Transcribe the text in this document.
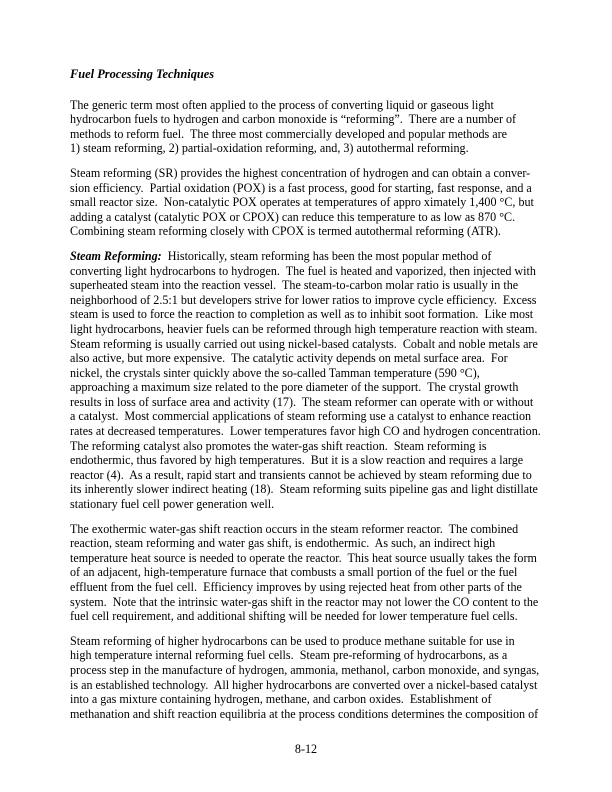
Fuel Processing Techniques

The generic term most often applied to the process of converting liquid or gaseous light
hydrocarbon fuels to hydrogen and carbon monoxide is “reforming”.  There are a number of
methods to reform fuel.  The three most commercially developed and popular methods are
1) steam reforming, 2) partial-oxidation reforming, and, 3) autothermal reforming.

Steam reforming (SR) provides the highest concentration of hydrogen and can obtain a conver-
sion efficiency.  Partial oxidation (POX) is a fast process, good for starting, fast response, and a
small reactor size.  Non-catalytic POX operates at temperatures of appro ximately 1,400 °C, but
adding a catalyst (catalytic POX or CPOX) can reduce this temperature to as low as 870 °C.
Combining steam reforming closely with CPOX is termed autothermal reforming (ATR).

Steam Reforming:  Historically, steam reforming has been the most popular method of
converting light hydrocarbons to hydrogen.  The fuel is heated and vaporized, then injected with
superheated steam into the reaction vessel.  The steam-to-carbon molar ratio is usually in the
neighborhood of 2.5:1 but developers strive for lower ratios to improve cycle efficiency.  Excess
steam is used to force the reaction to completion as well as to inhibit soot formation.  Like most
light hydrocarbons, heavier fuels can be reformed through high temperature reaction with steam.
Steam reforming is usually carried out using nickel-based catalysts.  Cobalt and noble metals are
also active, but more expensive.  The catalytic activity depends on metal surface area.  For
nickel, the crystals sinter quickly above the so-called Tamman temperature (590 °C),
approaching a maximum size related to the pore diameter of the support.  The crystal growth
results in loss of surface area and activity (17).  The steam reformer can operate with or without
a catalyst.  Most commercial applications of steam reforming use a catalyst to enhance reaction
rates at decreased temperatures.  Lower temperatures favor high CO and hydrogen concentration.
The reforming catalyst also promotes the water-gas shift reaction.  Steam reforming is
endothermic, thus favored by high temperatures.  But it is a slow reaction and requires a large
reactor (4).  As a result, rapid start and transients cannot be achieved by steam reforming due to
its inherently slower indirect heating (18).  Steam reforming suits pipeline gas and light distillate
stationary fuel cell power generation well.

The exothermic water-gas shift reaction occurs in the steam reformer reactor.  The combined
reaction, steam reforming and water gas shift, is endothermic.  As such, an indirect high
temperature heat source is needed to operate the reactor.  This heat source usually takes the form
of an adjacent, high-temperature furnace that combusts a small portion of the fuel or the fuel
effluent from the fuel cell.  Efficiency improves by using rejected heat from other parts of the
system.  Note that the intrinsic water-gas shift in the reactor may not lower the CO content to the
fuel cell requirement, and additional shifting will be needed for lower temperature fuel cells.

Steam reforming of higher hydrocarbons can be used to produce methane suitable for use in
high temperature internal reforming fuel cells.  Steam pre-reforming of hydrocarbons, as a
process step in the manufacture of hydrogen, ammonia, methanol, carbon monoxide, and syngas,
is an established technology.  All higher hydrocarbons are converted over a nickel-based catalyst
into a gas mixture containing hydrogen, methane, and carbon oxides.  Establishment of
methanation and shift reaction equilibria at the process conditions determines the composition of

8-12
